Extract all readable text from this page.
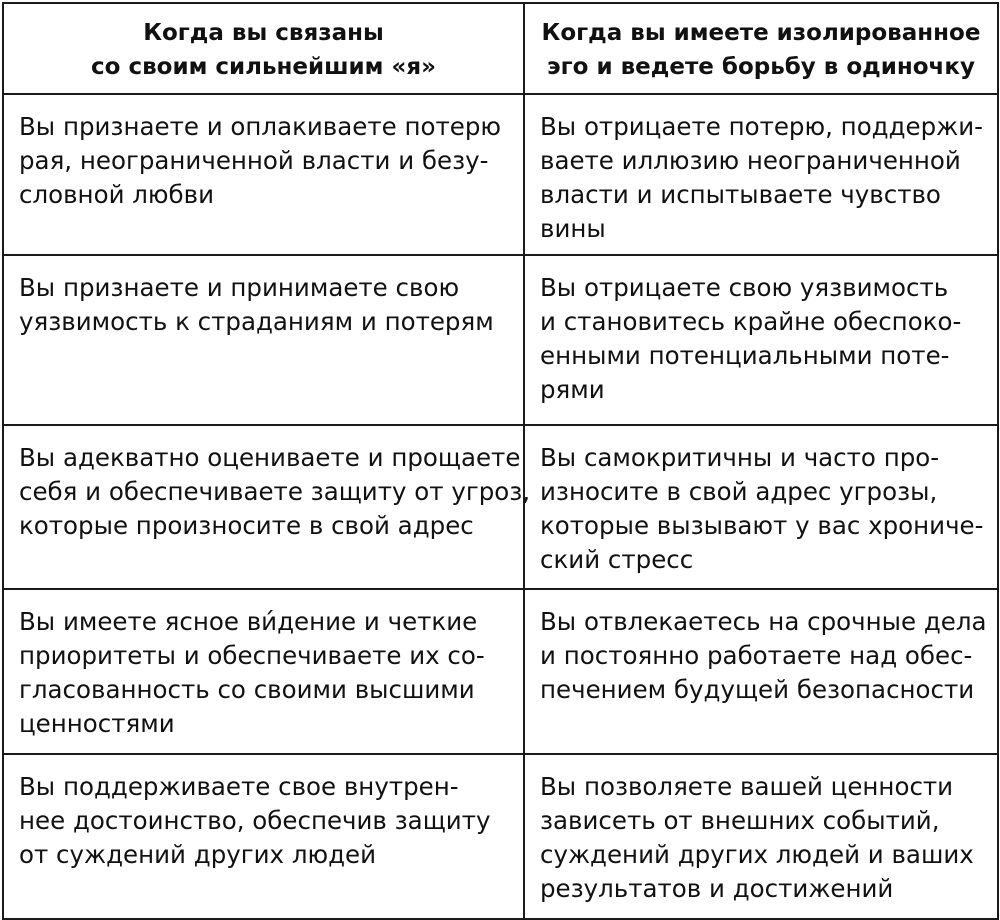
Когда вы связаны
со своим сильнейшим «я»	Когда вы имеете изолированное
эго и ведете борьбу в одиночку

Вы признаете и оплакиваете потерю
рая, неограниченной власти и безу-
словной любви	Вы отрицаете потерю, поддержи-
ваете иллюзию неограниченной
власти и испытываете чувство
вины

Вы признаете и принимаете свою
уязвимость к страданиям и потерям	Вы отрицаете свою уязвимость
и становитесь крайне обеспоко-
енными потенциальными поте-
рями

Вы адекватно оцениваете и прощаете
себя и обеспечиваете защиту от угроз,
которые произносите в свой адрес	Вы самокритичны и часто про-
износите в свой адрес угрозы,
которые вызывают у вас хрониче-
ский стресс

Вы имеете ясное ви́дение и четкие
приоритеты и обеспечиваете их со-
гласованность со своими высшими
ценностями	Вы отвлекаетесь на срочные дела
и постоянно работаете над обес-
печением будущей безопасности

Вы поддерживаете свое внутрен-
нее достоинство, обеспечив защиту
от суждений других людей	Вы позволяете вашей ценности
зависеть от внешних событий,
суждений других людей и ваших
результатов и достижений
